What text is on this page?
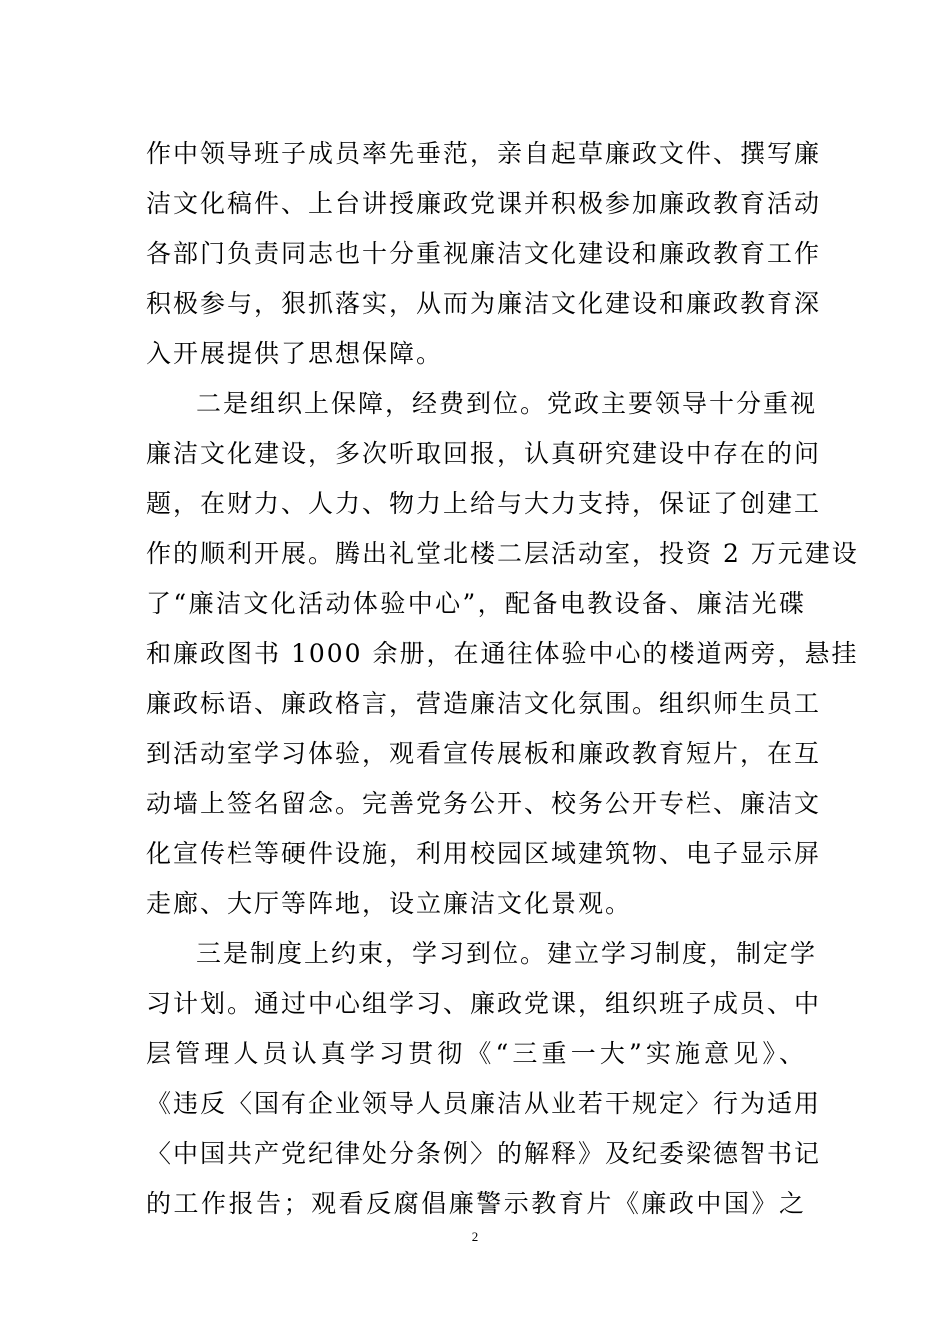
作中领导班子成员率先垂范，亲自起草廉政文件、撰写廉
洁文化稿件、上台讲授廉政党课并积极参加廉政教育活动
各部门负责同志也十分重视廉洁文化建设和廉政教育工作
积极参与，狠抓落实，从而为廉洁文化建设和廉政教育深
入开展提供了思想保障。
二是组织上保障，经费到位。党政主要领导十分重视
廉洁文化建设，多次听取回报，认真研究建设中存在的问
题，在财力、人力、物力上给与大力支持，保证了创建工
作的顺利开展。腾出礼堂北楼二层活动室，投资 2 万元建设
了“廉洁文化活动体验中心”，配备电教设备、廉洁光碟
和廉政图书 1000 余册，在通往体验中心的楼道两旁，悬挂
廉政标语、廉政格言，营造廉洁文化氛围。组织师生员工
到活动室学习体验，观看宣传展板和廉政教育短片，在互
动墙上签名留念。完善党务公开、校务公开专栏、廉洁文
化宣传栏等硬件设施，利用校园区域建筑物、电子显示屏
走廊、大厅等阵地，设立廉洁文化景观。
三是制度上约束，学习到位。建立学习制度，制定学
习计划。通过中心组学习、廉政党课，组织班子成员、中
层管理人员认真学习贯彻《“三重一大”实施意见》、
《违反〈国有企业领导人员廉洁从业若干规定〉行为适用
〈中国共产党纪律处分条例〉的解释》及纪委梁德智书记
的工作报告；观看反腐倡廉警示教育片《廉政中国》之
2
